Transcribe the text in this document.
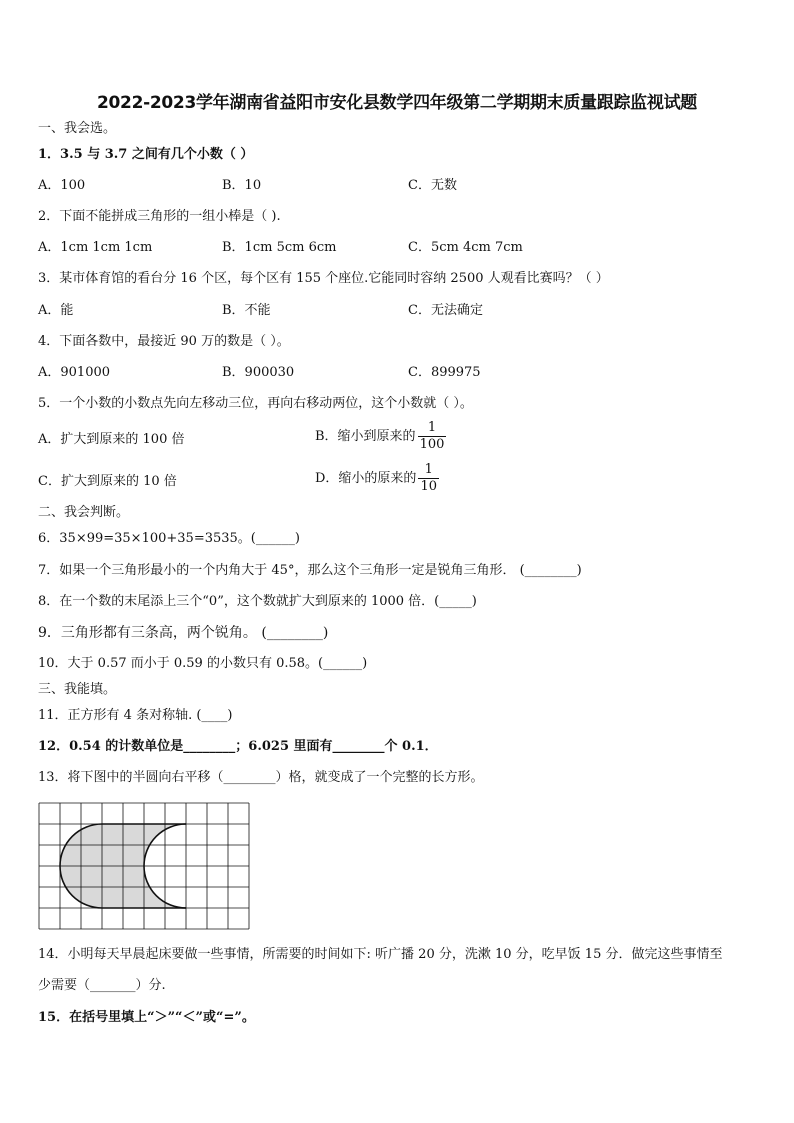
2022-2023学年湖南省益阳市安化县数学四年级第二学期期末质量跟踪监视试题
一、我会选。
1．3.5 与 3.7 之间有几个小数（ ）
A．100	B．10	C．无数
2．下面不能拼成三角形的一组小棒是（ ).
A．1cm 1cm 1cm	B．1cm 5cm 6cm	C．5cm 4cm 7cm
3．某市体育馆的看台分 16 个区，每个区有 155 个座位.它能同时容纳 2500 人观看比赛吗？（ ）
A．能	B．不能	C．无法确定
4．下面各数中，最接近 90 万的数是（ ）。
A．901000	B．900030	C．899975
5．一个小数的小数点先向左移动三位，再向右移动两位，这个小数就（ ）。
A．扩大到原来的 100 倍	B．缩小到原来的 $\frac{1}{100}$
C．扩大到原来的 10 倍	D．缩小的原来的 $\frac{1}{10}$
二、我会判断。
6．35×99=35×100+35=3535。(______)
7．如果一个三角形最小的一个内角大于 45°，那么这个三角形一定是锐角三角形． (________)
8．在一个数的末尾添上三个“0”，这个数就扩大到原来的 1000 倍．(_____)
9．三角形都有三条高，两个锐角。 (________)
10．大于 0.57 而小于 0.59 的小数只有 0.58。(______)
三、我能填。
11．正方形有 4 条对称轴. (____)
12．0.54 的计数单位是________；6.025 里面有________个 0.1．
13．将下图中的半圆向右平移（________）格，就变成了一个完整的长方形。
14．小明每天早晨起床要做一些事情，所需要的时间如下: 听广播 20 分，洗漱 10 分，吃早饭 15 分．做完这些事情至
少需要（_______）分.
15．在括号里填上“＞”“＜”或“=”。
